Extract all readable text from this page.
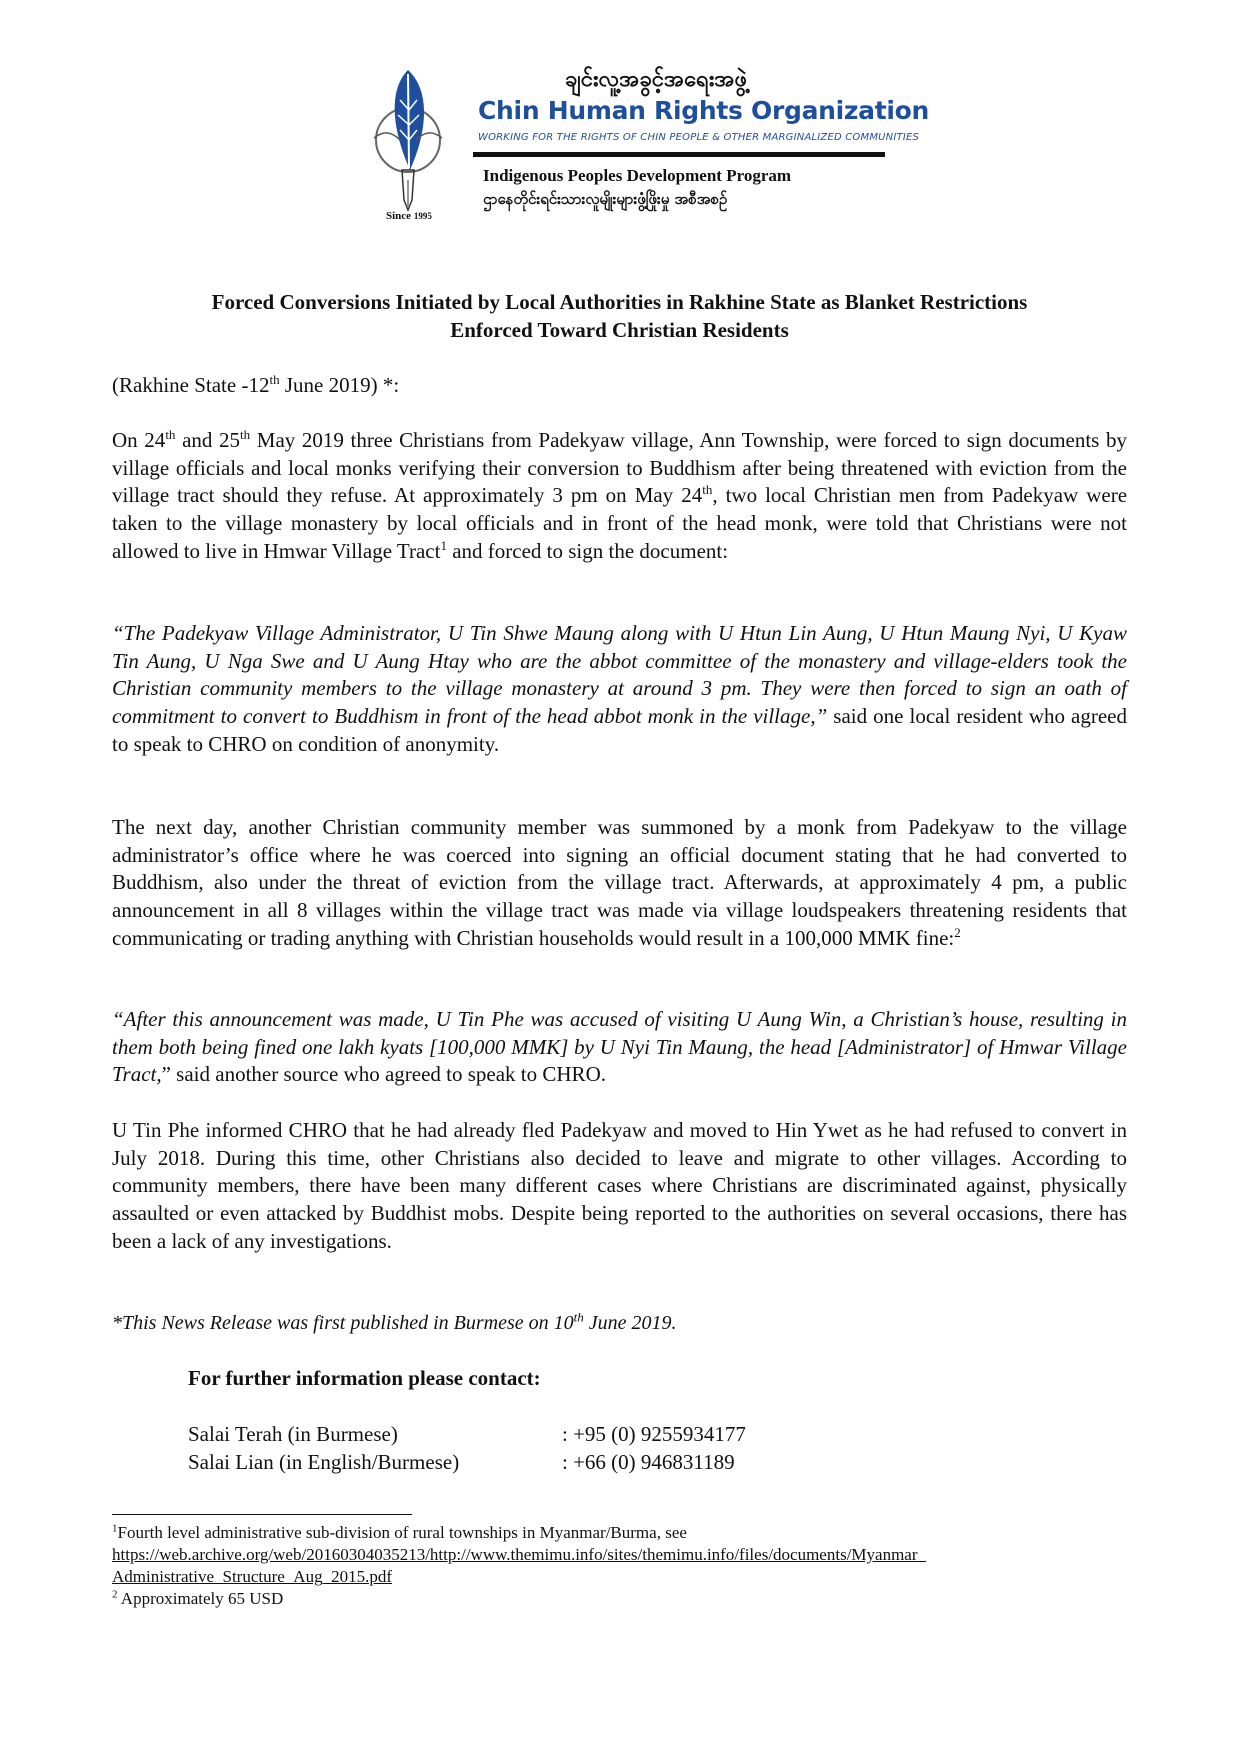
Since 1995
ချင်းလူ့အခွင့်အရေးအဖွဲ့
Chin Human Rights Organization
WORKING FOR THE RIGHTS OF CHIN PEOPLE & OTHER MARGINALIZED COMMUNITIES
Indigenous Peoples Development Program
ဌာနေတိုင်းရင်းသားလူမျိုးများဖွံ့ဖြိုးမှု အစီအစဉ်
Forced Conversions Initiated by Local Authorities in Rakhine State as Blanket Restrictions
Enforced Toward Christian Residents
(Rakhine State -12th June 2019) *:
On 24th and 25th May 2019 three Christians from Padekyaw village, Ann Township, were forced to sign documents by village officials and local monks verifying their conversion to Buddhism after being threatened with eviction from the village tract should they refuse. At approximately 3 pm on May 24th, two local Christian men from Padekyaw were taken to the village monastery by local officials and in front of the head monk, were told that Christians were not allowed to live in Hmwar Village Tract$^1$ and forced to sign the document:
“The Padekyaw Village Administrator, U Tin Shwe Maung along with U Htun Lin Aung, U Htun Maung Nyi, U Kyaw Tin Aung, U Nga Swe and U Aung Htay who are the abbot committee of the monastery and village-elders took the Christian community members to the village monastery at around 3 pm. They were then forced to sign an oath of commitment to convert to Buddhism in front of the head abbot monk in the village,” said one local resident who agreed to speak to CHRO on condition of anonymity.
The next day, another Christian community member was summoned by a monk from Padekyaw to the village administrator’s office where he was coerced into signing an official document stating that he had converted to Buddhism, also under the threat of eviction from the village tract. Afterwards, at approximately 4 pm, a public announcement in all 8 villages within the village tract was made via village loudspeakers threatening residents that communicating or trading anything with Christian households would result in a 100,000 MMK fine:$^2$
“After this announcement was made, U Tin Phe was accused of visiting U Aung Win, a Christian’s house, resulting in them both being fined one lakh kyats [100,000 MMK] by U Nyi Tin Maung, the head [Administrator] of Hmwar Village Tract,” said another source who agreed to speak to CHRO.
U Tin Phe informed CHRO that he had already fled Padekyaw and moved to Hin Ywet as he had refused to convert in July 2018. During this time, other Christians also decided to leave and migrate to other villages. According to community members, there have been many different cases where Christians are discriminated against, physically assaulted or even attacked by Buddhist mobs. Despite being reported to the authorities on several occasions, there has been a lack of any investigations.
*This News Release was first published in Burmese on 10th June 2019.
For further information please contact:
Salai Terah (in Burmese)	: +95 (0) 9255934177
Salai Lian (in English/Burmese)	: +66 (0) 946831189
$^1$Fourth level administrative sub-division of rural townships in Myanmar/Burma, see
https://web.archive.org/web/20160304035213/http://www.themimu.info/sites/themimu.info/files/documents/Myanmar_
Administrative_Structure_Aug_2015.pdf
$^2$ Approximately 65 USD
